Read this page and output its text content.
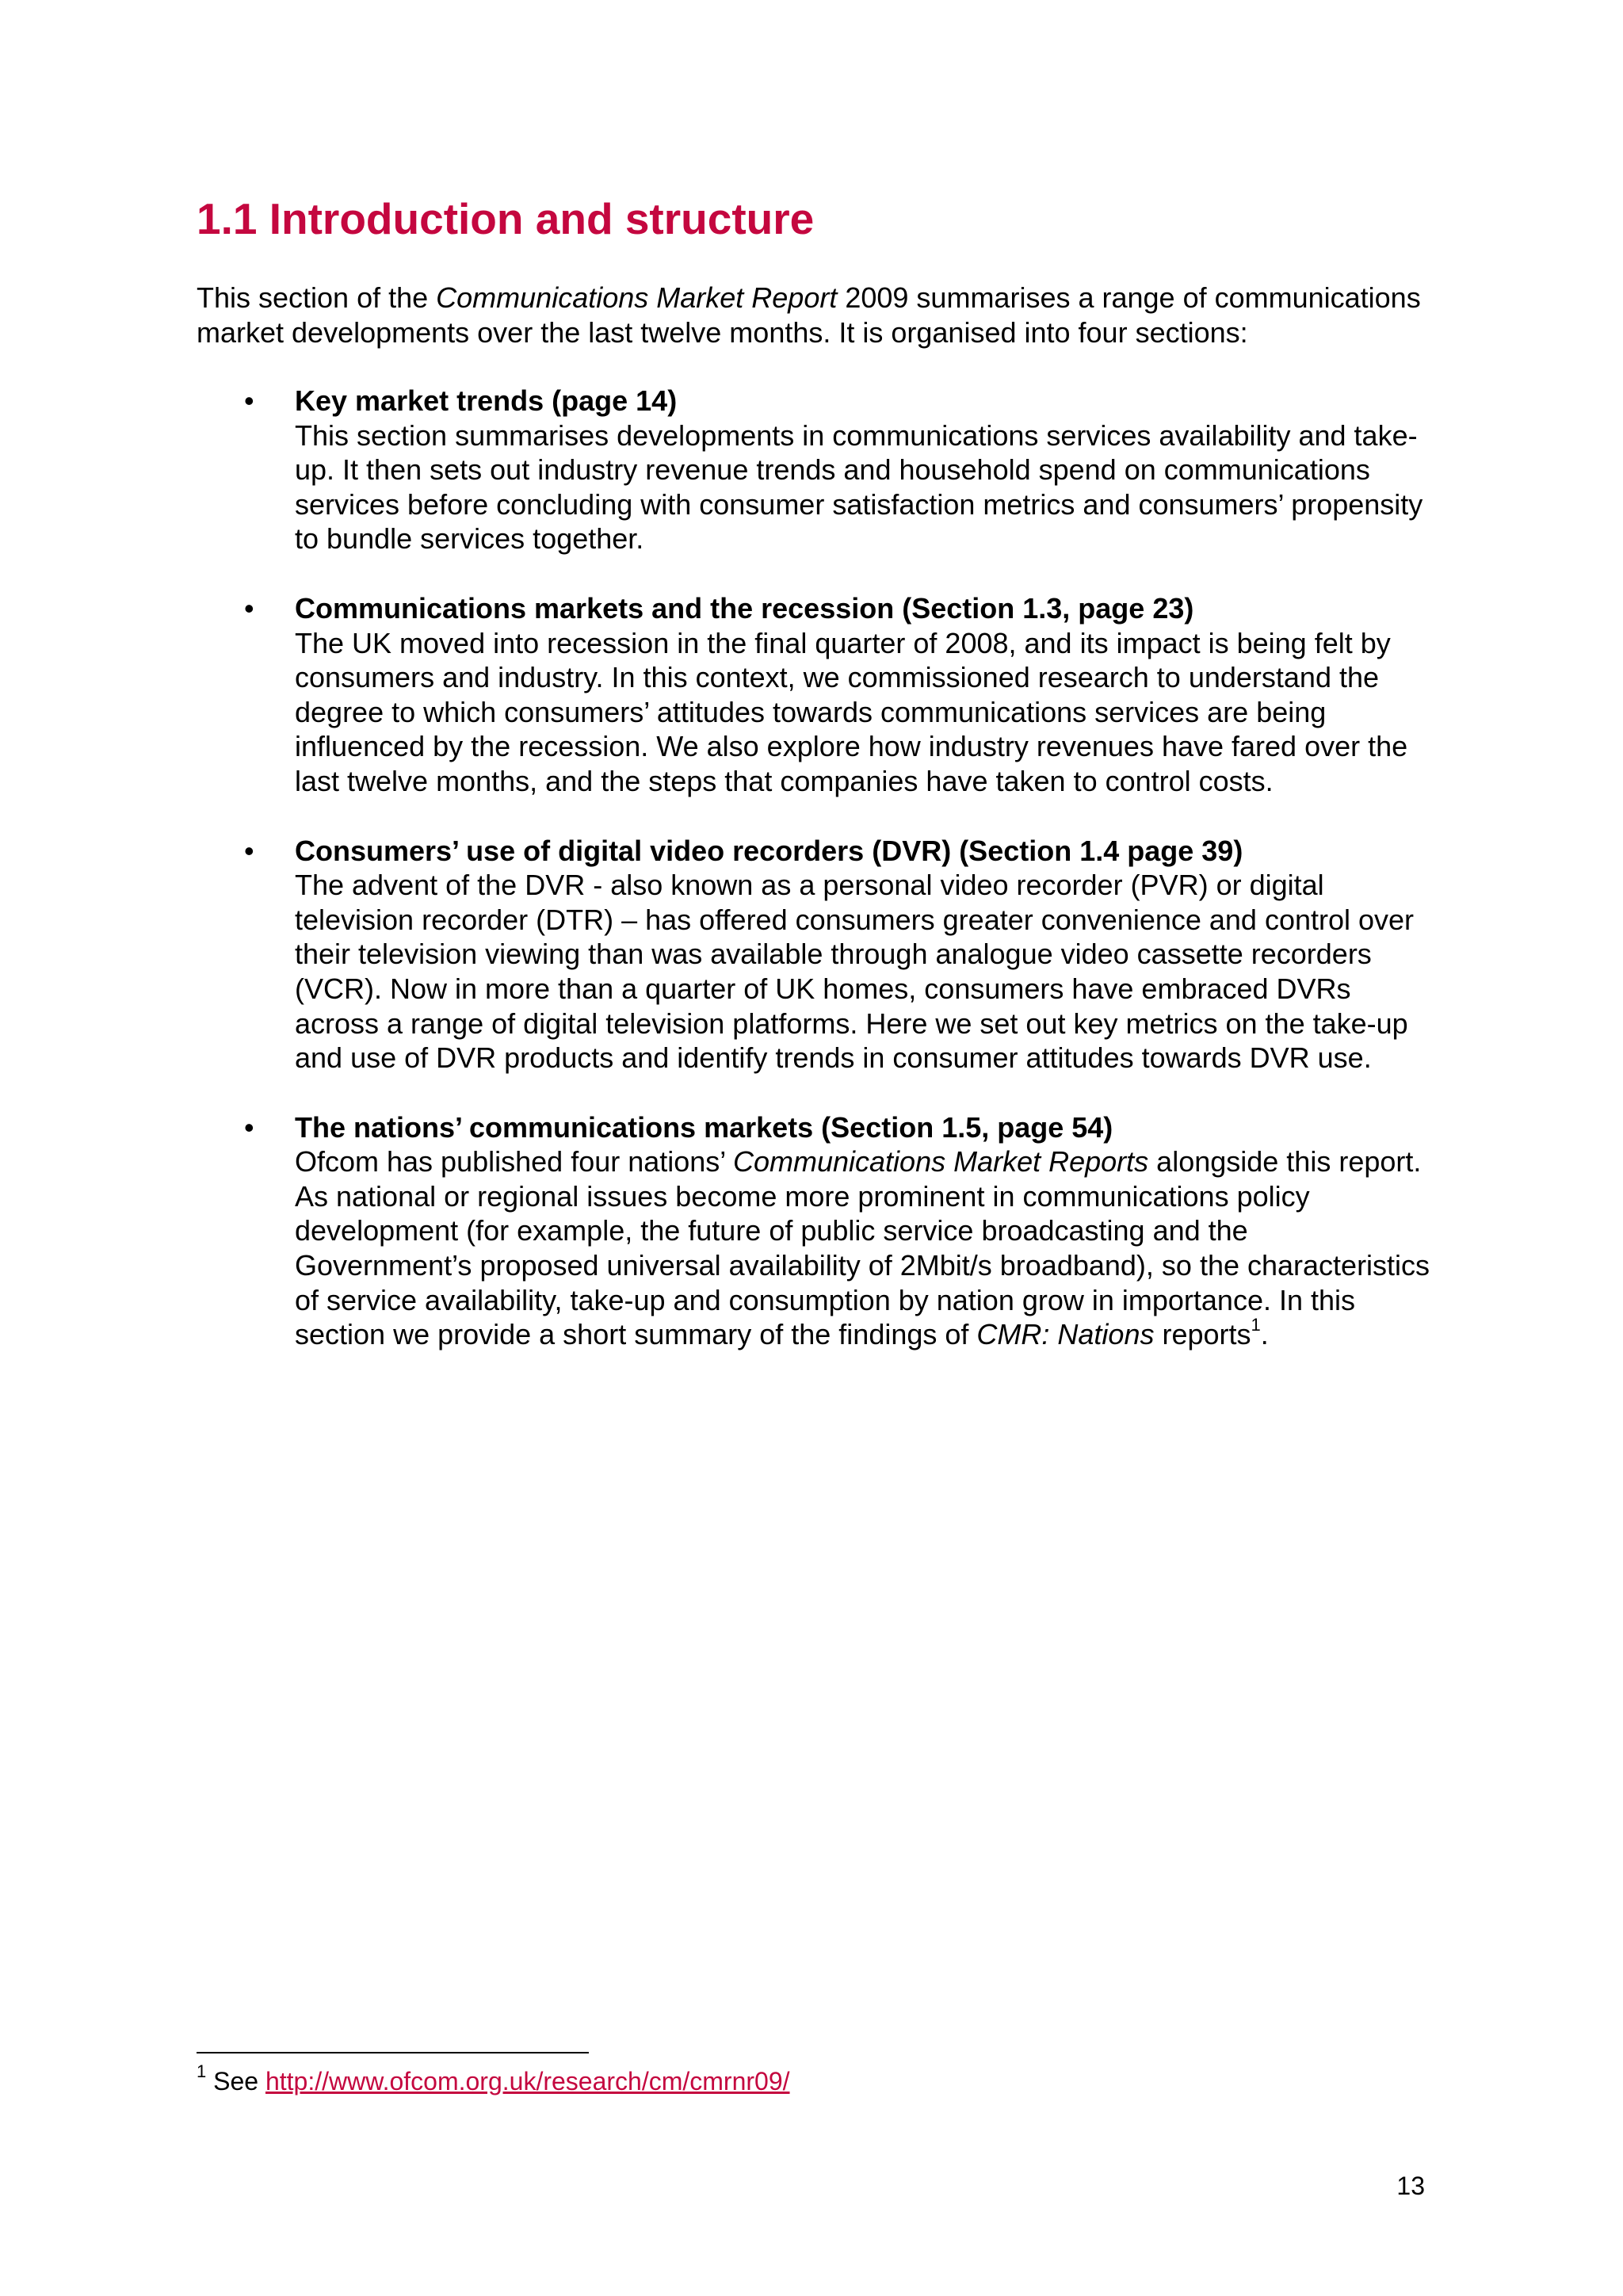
1.1 Introduction and structure

This section of the Communications Market Report 2009 summarises a range of communications market developments over the last twelve months. It is organised into four sections:

• Key market trends (page 14)
This section summarises developments in communications services availability and take-up. It then sets out industry revenue trends and household spend on communications services before concluding with consumer satisfaction metrics and consumers’ propensity to bundle services together.
• Communications markets and the recession (Section 1.3, page 23)
The UK moved into recession in the final quarter of 2008, and its impact is being felt by consumers and industry. In this context, we commissioned research to understand the degree to which consumers’ attitudes towards communications services are being influenced by the recession. We also explore how industry revenues have fared over the last twelve months, and the steps that companies have taken to control costs.
• Consumers’ use of digital video recorders (DVR) (Section 1.4 page 39)
The advent of the DVR - also known as a personal video recorder (PVR) or digital television recorder (DTR) – has offered consumers greater convenience and control over their television viewing than was available through analogue video cassette recorders (VCR). Now in more than a quarter of UK homes, consumers have embraced DVRs across a range of digital television platforms. Here we set out key metrics on the take-up and use of DVR products and identify trends in consumer attitudes towards DVR use.
• The nations’ communications markets (Section 1.5, page 54)
Ofcom has published four nations’ Communications Market Reports alongside this report. As national or regional issues become more prominent in communications policy development (for example, the future of public service broadcasting and the Government’s proposed universal availability of 2Mbit/s broadband), so the characteristics of service availability, take-up and consumption by nation grow in importance. In this section we provide a short summary of the findings of CMR: Nations reports$^1$.
$^1$ See http://www.ofcom.org.uk/research/cm/cmrnr09/
13
